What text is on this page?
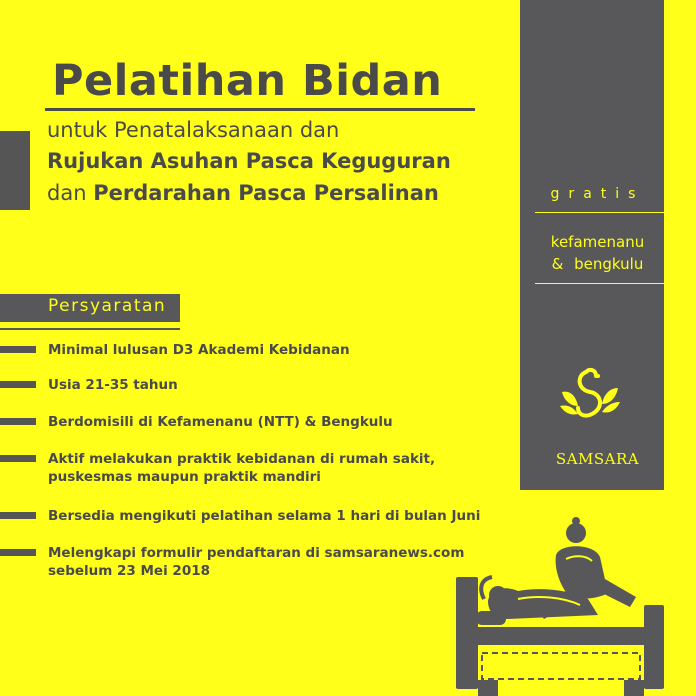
Pelatihan Bidan
untuk Penatalaksanaan dan
Rujukan Asuhan Pasca Keguguran
dan Perdarahan Pasca Persalinan	gratis
kefamenanu
& bengkulu
SAMSARA
Persyaratan
Minimal lulusan D3 Akademi Kebidanan
Usia 21-35 tahun
Berdomisili di Kefamenanu (NTT) & Bengkulu
Aktif melakukan praktik kebidanan di rumah sakit, puskesmas maupun praktik mandiri
Bersedia mengikuti pelatihan selama 1 hari di bulan Juni
Melengkapi formulir pendaftaran di samsaranews.com sebelum 23 Mei 2018
